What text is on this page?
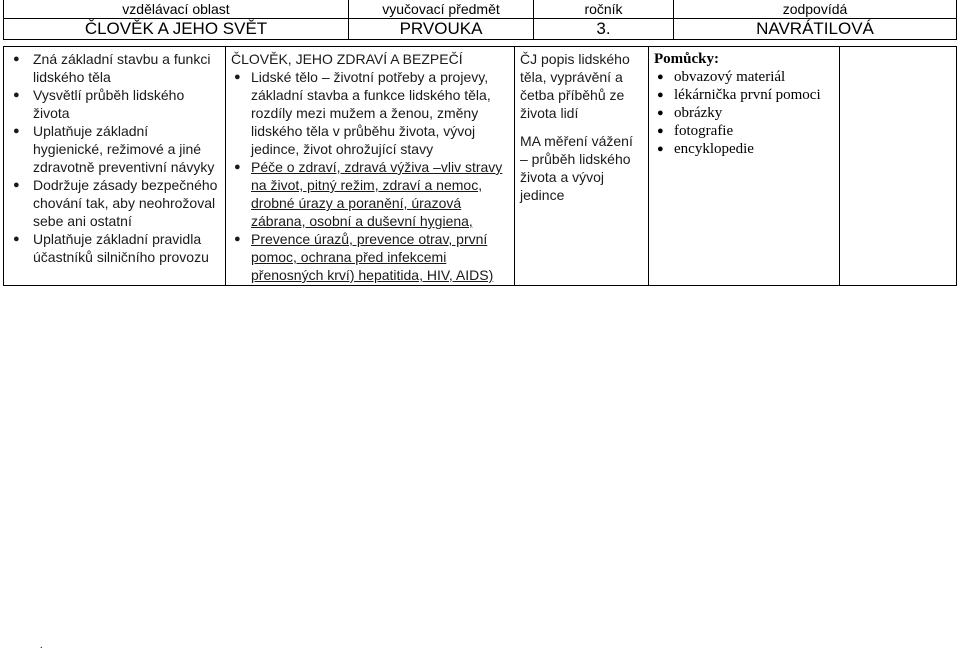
vzdělávací oblast	vyučovací předmět	ročník	zodpovídá
ČLOVĚK A JEHO SVĚT	PRVOUKA	3.	NAVRÁTILOVÁ
● Zná základní stavbu a funkci lidského těla
● Vysvětlí průběh lidského života
● Uplatňuje základní hygienické, režimové a jiné zdravotně preventivní návyky
● Dodržuje zásady bezpečného chování tak, aby neohrožoval sebe ani ostatní
● Uplatňuje základní pravidla účastníků silničního provozu

ČLOVĚK, JEHO ZDRAVÍ A BEZPEČÍ
● Lidské tělo – životní potřeby a projevy, základní stavba a funkce lidského těla, rozdíly mezi mužem a ženou, změny lidského těla v průběhu života, vývoj jedince, život ohrožující stavy
● Péče o zdraví, zdravá výživa –vliv stravy na život, pitný režim, zdraví a nemoc, drobné úrazy a poranění, úrazová zábrana, osobní a duševní hygiena,
● Prevence úrazů, prevence otrav, první pomoc, ochrana před infekcemi přenosných krví) hepatitida, HIV, AIDS)

ČJ popis lidského těla, vyprávění a četba příběhů ze života lidí
MA měření vážení – průběh lidského života a vývoj jedince

Pomůcky:
● obvazový materiál
● lékárnička první pomoci
● obrázky
● fotografie
● encyklopedie

.
